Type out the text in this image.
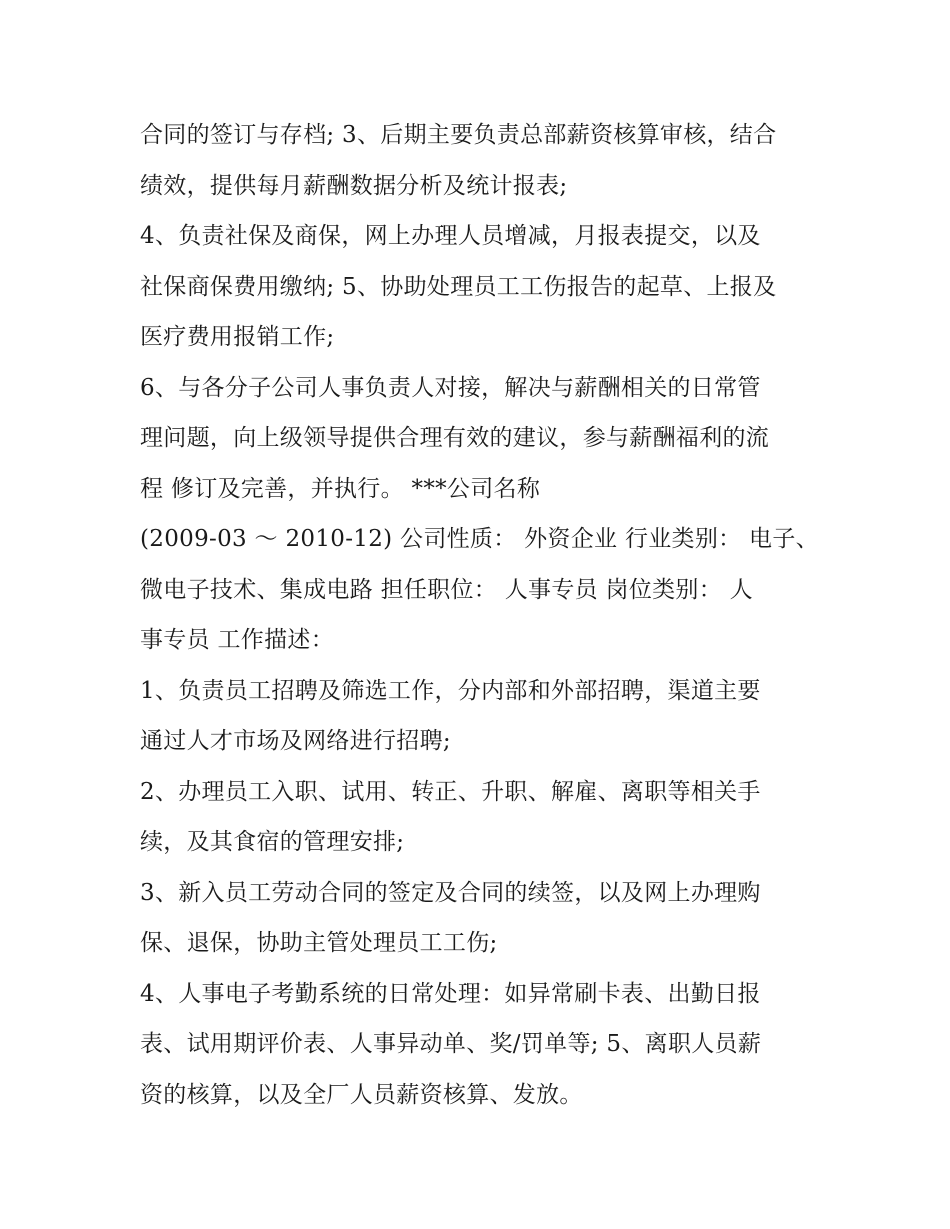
合同的签订与存档; 3、后期主要负责总部薪资核算审核，结合
绩效，提供每月薪酬数据分析及统计报表;
4、负责社保及商保，网上办理人员增减，月报表提交，以及
社保商保费用缴纳; 5、协助处理员工工伤报告的起草、上报及
医疗费用报销工作;
6、与各分子公司人事负责人对接，解决与薪酬相关的日常管
理问题，向上级领导提供合理有效的建议，参与薪酬福利的流
程 修订及完善，并执行。 ***公司名称
(2009-03 ～ 2010-12) 公司性质： 外资企业 行业类别： 电子、
微电子技术、集成电路 担任职位： 人事专员 岗位类别： 人
事专员 工作描述：
1、负责员工招聘及筛选工作，分内部和外部招聘，渠道主要
通过人才市场及网络进行招聘;
2、办理员工入职、试用、转正、升职、解雇、离职等相关手
续，及其食宿的管理安排;
3、新入员工劳动合同的签定及合同的续签，以及网上办理购
保、退保，协助主管处理员工工伤;
4、人事电子考勤系统的日常处理：如异常刷卡表、出勤日报
表、试用期评价表、人事异动单、奖/罚单等; 5、离职人员薪
资的核算，以及全厂人员薪资核算、发放。
